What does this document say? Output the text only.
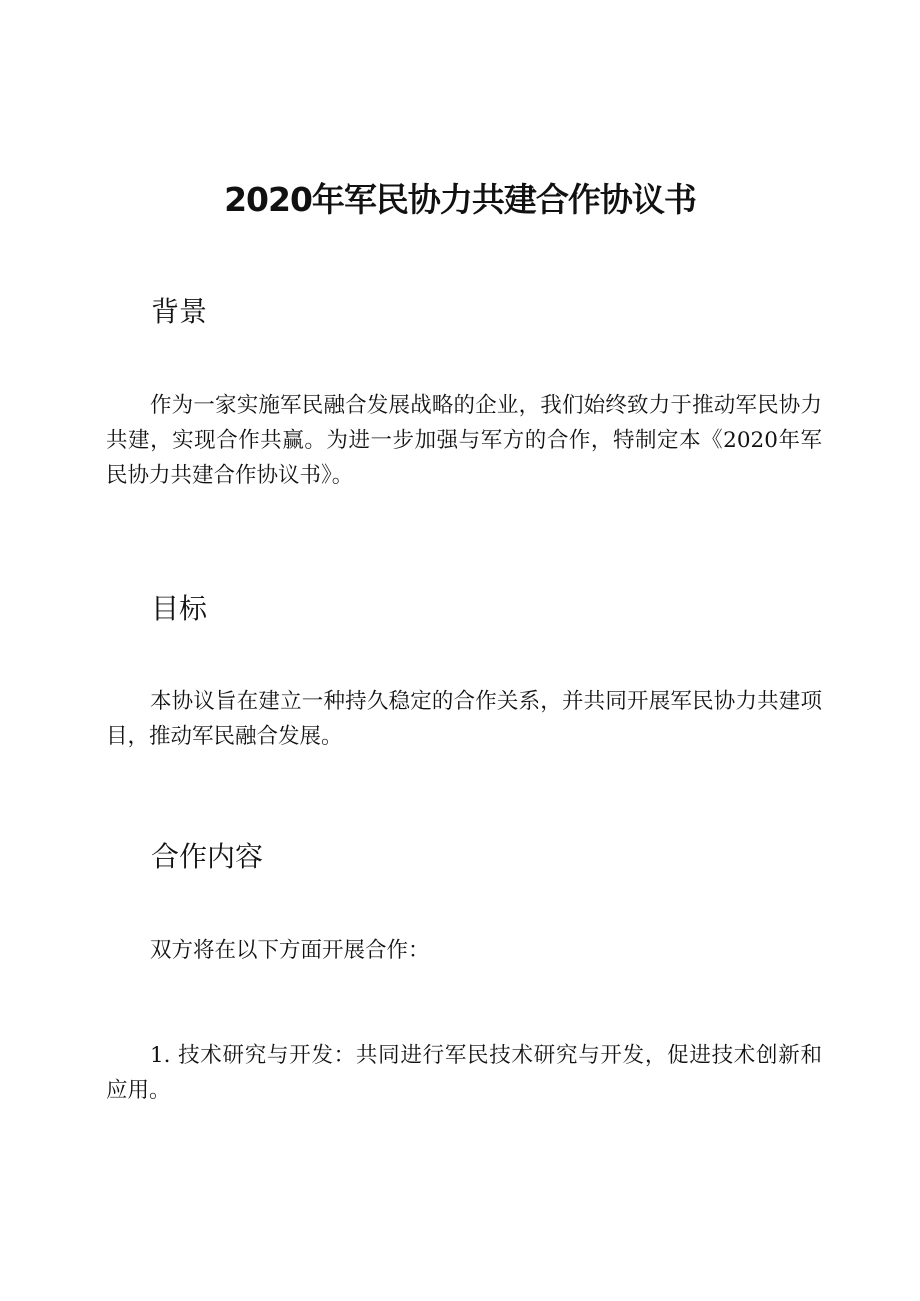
2020年军民协力共建合作协议书
背景

作为一家实施军民融合发展战略的企业，我们始终致力于推动军民协力共建，实现合作共赢。为进一步加强与军方的合作，特制定本《2020年军民协力共建合作协议书》。

目标

本协议旨在建立一种持久稳定的合作关系，并共同开展军民协力共建项目，推动军民融合发展。

合作内容

双方将在以下方面开展合作：

1. 技术研究与开发：共同进行军民技术研究与开发，促进技术创新和应用。
